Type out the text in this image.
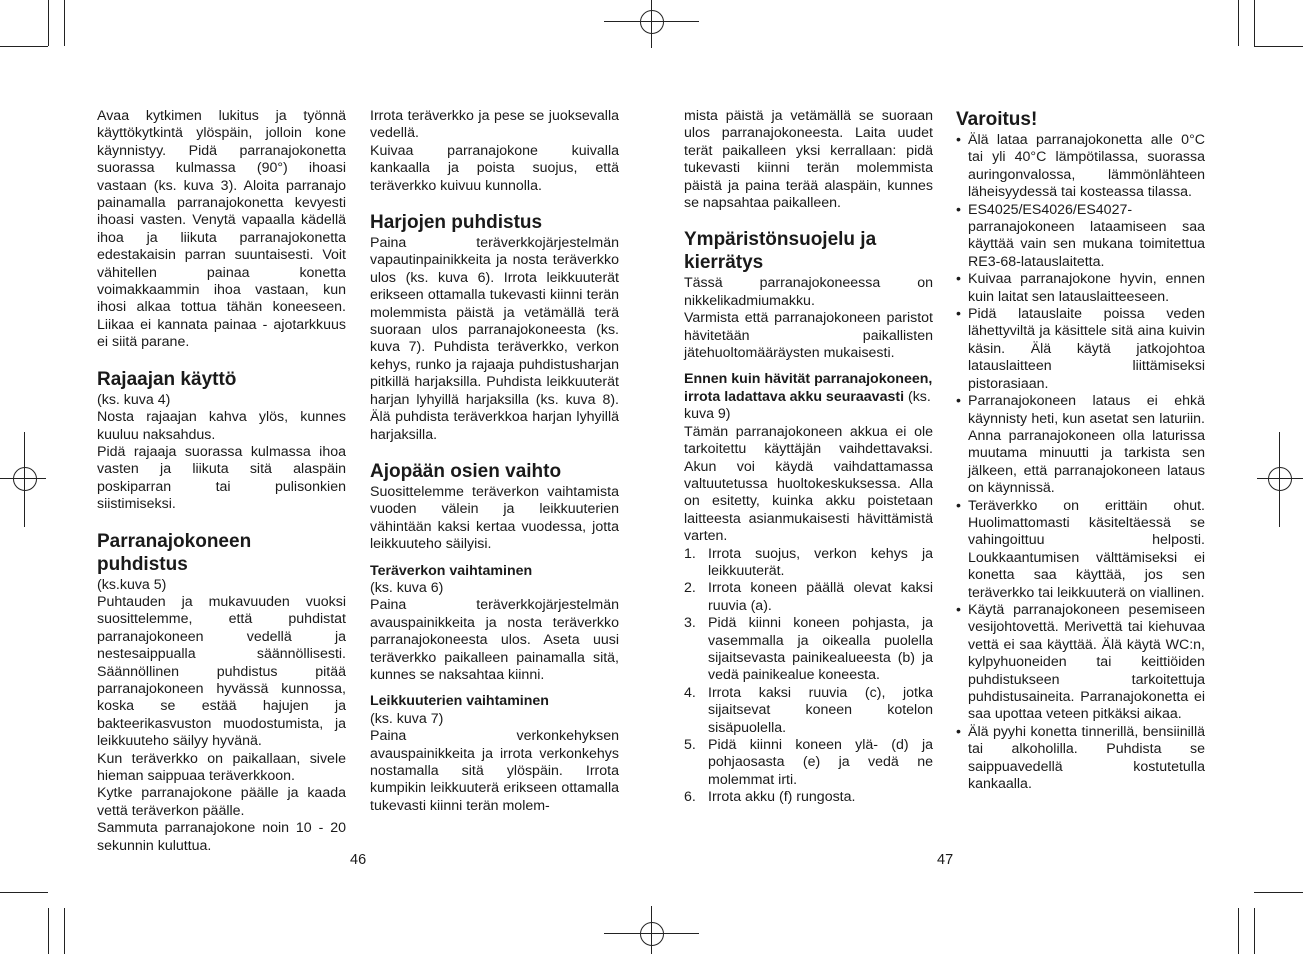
Avaa kytkimen lukitus ja työnnä käyttökytkintä ylöspäin, jolloin kone käynnistyy. Pidä parranajokonetta suorassa kulmassa (90°) ihoasi vastaan (ks. kuva 3). Aloita parranajo painamalla parranajokonetta kevyesti ihoasi vasten. Venytä vapaalla kädellä ihoa ja liikuta parranajokonetta edestakaisin parran suuntaisesti. Voit vähitellen painaa konetta voimakkaammin ihoa vastaan, kun ihosi alkaa tottua tähän koneeseen. Liikaa ei kannata painaa - ajotarkkuus ei siitä parane.

Rajaajan käyttö

(ks. kuva 4)

Nosta rajaajan kahva ylös, kunnes kuuluu naksahdus.

Pidä rajaaja suorassa kulmassa ihoa vasten ja liikuta sitä alaspäin poskiparran tai pulisonkien siistimiseksi.

Parranajokoneen puhdistus

(ks.kuva 5)

Puhtauden ja mukavuuden vuoksi suosittelemme, että puhdistat parranajokoneen vedellä ja nestesaippualla säännöllisesti. Säännöllinen puhdistus pitää parranajokoneen hyvässä kunnossa, koska se estää hajujen ja bakteerikasvuston muodostumista, ja leikkuuteho säilyy hyvänä.

Kun teräverkko on paikallaan, sivele hieman saippuaa teräverkkoon.

Kytke parranajokone päälle ja kaada vettä teräverkon päälle.

Sammuta parranajokone noin 10 - 20 sekunnin kuluttua.

Irrota teräverkko ja pese se juoksevalla vedellä.

Kuivaa parranajokone kuivalla kankaalla ja poista suojus, että teräverkko kuivuu kunnolla.

Harjojen puhdistus

Paina teräverkkojärjestelmän vapautinpainikkeita ja nosta teräverkko ulos (ks. kuva 6). Irrota leikkuuterät erikseen ottamalla tukevasti kiinni terän molemmista päistä ja vetämällä terä suoraan ulos parranajokoneesta (ks. kuva 7). Puhdista teräverkko, verkon kehys, runko ja rajaaja puhdistusharjan pitkillä harjaksilla. Puhdista leikkuuterät harjan lyhyillä harjaksilla (ks. kuva 8). Älä puhdista teräverkkoa harjan lyhyillä harjaksilla.

Ajopään osien vaihto

Suosittelemme teräverkon vaihtamista vuoden välein ja leikkuuterien vähintään kaksi kertaa vuodessa, jotta leikkuuteho säilyisi.

Teräverkon vaihtaminen

(ks. kuva 6)

Paina teräverkkojärjestelmän avauspainikkeita ja nosta teräverkko parranajokoneesta ulos. Aseta uusi teräverkko paikalleen painamalla sitä, kunnes se naksahtaa kiinni.

Leikkuuterien vaihtaminen

(ks. kuva 7)

Paina verkonkehyksen avauspainikkeita ja irrota verkonkehys nostamalla sitä ylöspäin. Irrota kumpikin leikkuuterä erikseen ottamalla tukevasti kiinni terän molem-

mista päistä ja vetämällä se suoraan ulos parranajokoneesta. Laita uudet terät paikalleen yksi kerrallaan: pidä tukevasti kiinni terän molemmista päistä ja paina terää alaspäin, kunnes se napsahtaa paikalleen.

Ympäristönsuojelu ja kierrätys

Tässä parranajokoneessa on nikkelikadmiumakku.

Varmista että parranajokoneen paristot hävitetään paikallisten jätehuoltomääräysten mukaisesti.

Ennen kuin hävität parranajokoneen, irrota ladattava akku seuraavasti (ks. kuva 9)

Tämän parranajokoneen akkua ei ole tarkoitettu käyttäjän vaihdettavaksi. Akun voi käydä vaihdattamassa valtuutetussa huoltokeskuksessa. Alla on esitetty, kuinka akku poistetaan laitteesta asianmukaisesti hävittämistä varten.

1. Irrota suojus, verkon kehys ja leikkuuterät.
2. Irrota koneen päällä olevat kaksi ruuvia (a).
3. Pidä kiinni koneen pohjasta, ja vasemmalla ja oikealla puolella sijaitsevasta painikealueesta (b) ja vedä painikealue koneesta.
4. Irrota kaksi ruuvia (c), jotka sijaitsevat koneen kotelon sisäpuolella.
5. Pidä kiinni koneen ylä- (d) ja pohjaosasta (e) ja vedä ne molemmat irti.
6. Irrota akku (f) rungosta.
Varoitus!
• Älä lataa parranajokonetta alle 0°C tai yli 40°C lämpötilassa, suorassa auringonvalossa, lämmönlähteen läheisyydessä tai kosteassa tilassa.
• ES4025/ES4026/ES4027-parranajokoneen lataamiseen saa käyttää vain sen mukana toimitettua RE3-68-latauslaitetta.
• Kuivaa parranajokone hyvin, ennen kuin laitat sen latauslaitteeseen.
• Pidä latauslaite poissa veden lähettyviltä ja käsittele sitä aina kuivin käsin. Älä käytä jatkojohtoa latauslaitteen liittämiseksi pistorasiaan.
• Parranajokoneen lataus ei ehkä käynnisty heti, kun asetat sen laturiin. Anna parranajokoneen olla laturissa muutama minuutti ja tarkista sen jälkeen, että parranajokoneen lataus on käynnissä.
• Teräverkko on erittäin ohut. Huolimattomasti käsiteltäessä se vahingoittuu helposti. Loukkaantumisen välttämiseksi ei konetta saa käyttää, jos sen teräverkko tai leikkuuterä on viallinen.
• Käytä parranajokoneen pesemiseen vesijohtovettä. Merivettä tai kiehuvaa vettä ei saa käyttää. Älä käytä WC:n, kylpyhuoneiden tai keittiöiden puhdistukseen tarkoitettuja puhdistusaineita. Parranajokonetta ei saa upottaa veteen pitkäksi aikaa.
• Älä pyyhi konetta tinnerillä, bensiinillä tai alkoholilla. Puhdista se saippuavedellä kostutetulla kankaalla.
46	47
